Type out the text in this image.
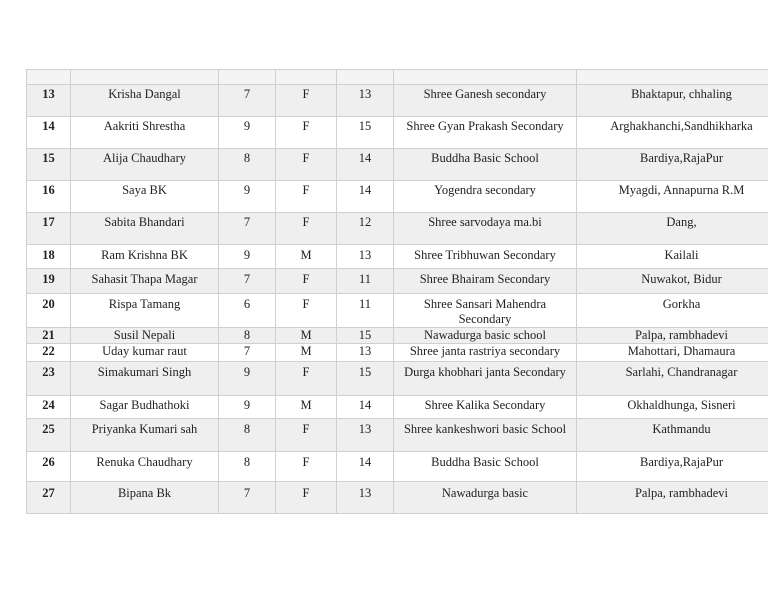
13	Krisha Dangal	7	F	13	Shree Ganesh secondary	Bhaktapur, chhaling
14	Aakriti Shrestha	9	F	15	Shree Gyan Prakash Secondary	Arghakhanchi,Sandhikharka
15	Alija Chaudhary	8	F	14	Buddha Basic School	Bardiya,RajaPur
16	Saya BK	9	F	14	Yogendra secondary	Myagdi, Annapurna R.M
17	Sabita Bhandari	7	F	12	Shree sarvodaya ma.bi	Dang,
18	Ram Krishna BK	9	M	13	Shree Tribhuwan Secondary	Kailali
19	Sahasit Thapa Magar	7	F	11	Shree Bhairam Secondary	Nuwakot, Bidur
20	Rispa Tamang	6	F	11	Shree Sansari Mahendra Secondary	Gorkha
21	Susil Nepali	8	M	15	Nawadurga basic school	Palpa, rambhadevi
22	Uday kumar raut	7	M	13	Shree janta rastriya secondary	Mahottari, Dhamaura
23	Simakumari Singh	9	F	15	Durga khobhari janta Secondary	Sarlahi, Chandranagar
24	Sagar Budhathoki	9	M	14	Shree Kalika Secondary	Okhaldhunga, Sisneri
25	Priyanka Kumari sah	8	F	13	Shree kankeshwori basic School	Kathmandu
26	Renuka Chaudhary	8	F	14	Buddha Basic School	Bardiya,RajaPur
27	Bipana Bk	7	F	13	Nawadurga basic	Palpa, rambhadevi
